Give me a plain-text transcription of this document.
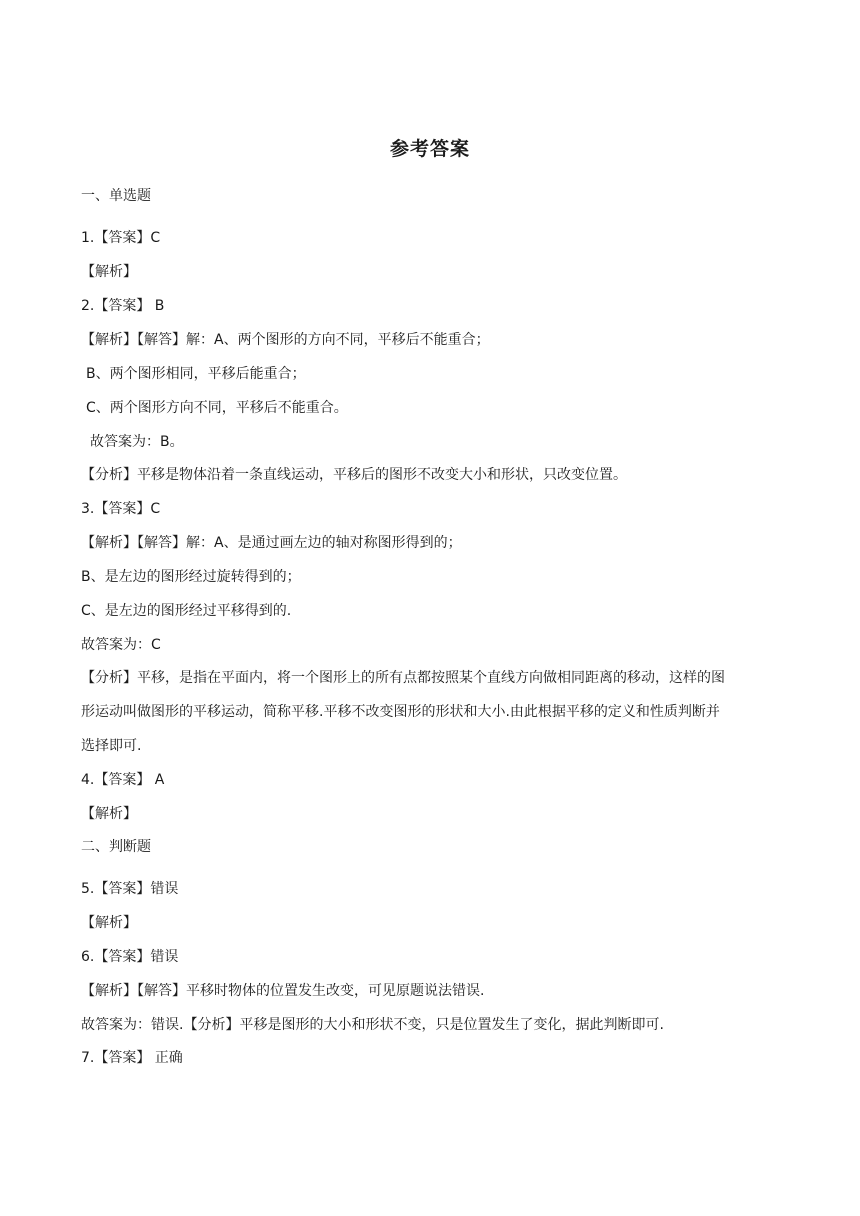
参考答案
一、单选题
1.【答案】C
【解析】
2.【答案】 B
【解析】【解答】解：A、两个图形的方向不同，平移后不能重合；
B、两个图形相同，平移后能重合；
C、两个图形方向不同，平移后不能重合。
故答案为：B。
【分析】平移是物体沿着一条直线运动，平移后的图形不改变大小和形状，只改变位置。
3.【答案】C
【解析】【解答】解：A、是通过画左边的轴对称图形得到的；
B、是左边的图形经过旋转得到的；
C、是左边的图形经过平移得到的.
故答案为：C
【分析】平移，是指在平面内，将一个图形上的所有点都按照某个直线方向做相同距离的移动，这样的图
形运动叫做图形的平移运动，简称平移.平移不改变图形的形状和大小.由此根据平移的定义和性质判断并
选择即可.
4.【答案】 A
【解析】
二、判断题
5.【答案】错误
【解析】
6.【答案】错误
【解析】【解答】平移时物体的位置发生改变，可见原题说法错误.
故答案为：错误.【分析】平移是图形的大小和形状不变，只是位置发生了变化，据此判断即可.
7.【答案】 正确
